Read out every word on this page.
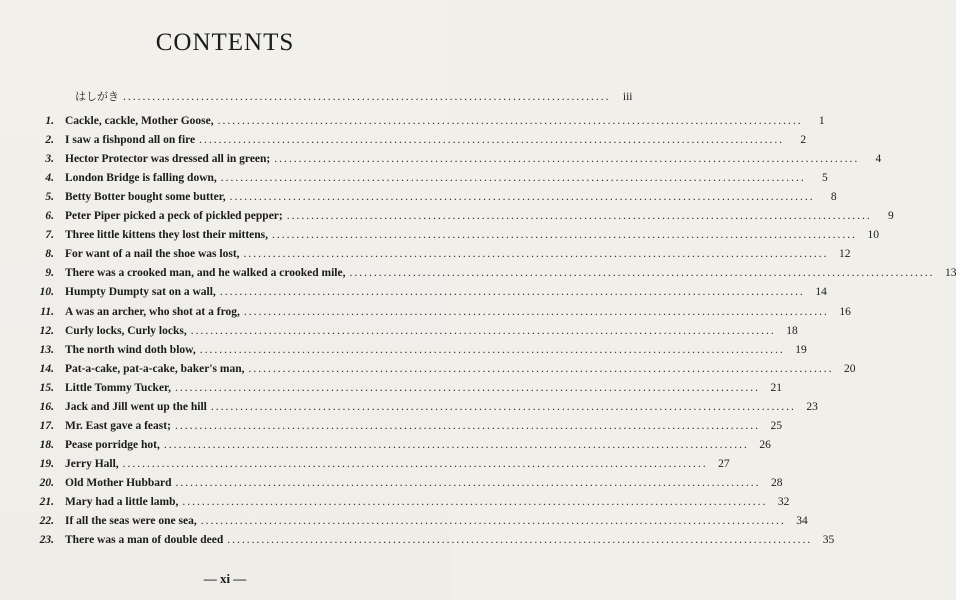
CONTENTS
はしがき ....................................................................................................	iii
1. Cackle, cackle, Mother Goose, ........................................................................................................................	1
2. I saw a fishpond all on fire ........................................................................................................................	2
3. Hector Protector was dressed all in green; ........................................................................................................................	4
4. London Bridge is falling down, ........................................................................................................................	5
5. Betty Botter bought some butter, ........................................................................................................................	8
6. Peter Piper picked a peck of pickled pepper; ........................................................................................................................	9
7. Three little kittens they lost their mittens, ........................................................................................................................ 10
8. For want of a nail the shoe was lost, ........................................................................................................................ 12
9. There was a crooked man, and he walked a crooked mile, ........................................................................................................................ 13
10. Humpty Dumpty sat on a wall, ........................................................................................................................ 14
11. A was an archer, who shot at a frog, ........................................................................................................................ 16
12. Curly locks, Curly locks, ........................................................................................................................ 18
13. The north wind doth blow, ........................................................................................................................ 19
14. Pat-a-cake, pat-a-cake, baker's man, ........................................................................................................................ 20
15. Little Tommy Tucker, ........................................................................................................................ 21
16. Jack and Jill went up the hill ........................................................................................................................ 23
17. Mr. East gave a feast; ........................................................................................................................ 25
18. Pease porridge hot, ........................................................................................................................ 26
19. Jerry Hall, ........................................................................................................................ 27
20. Old Mother Hubbard ........................................................................................................................ 28
21. Mary had a little lamb, ........................................................................................................................ 32
22. If all the seas were one sea, ........................................................................................................................ 34
23. There was a man of double deed ........................................................................................................................ 35
— xi —
